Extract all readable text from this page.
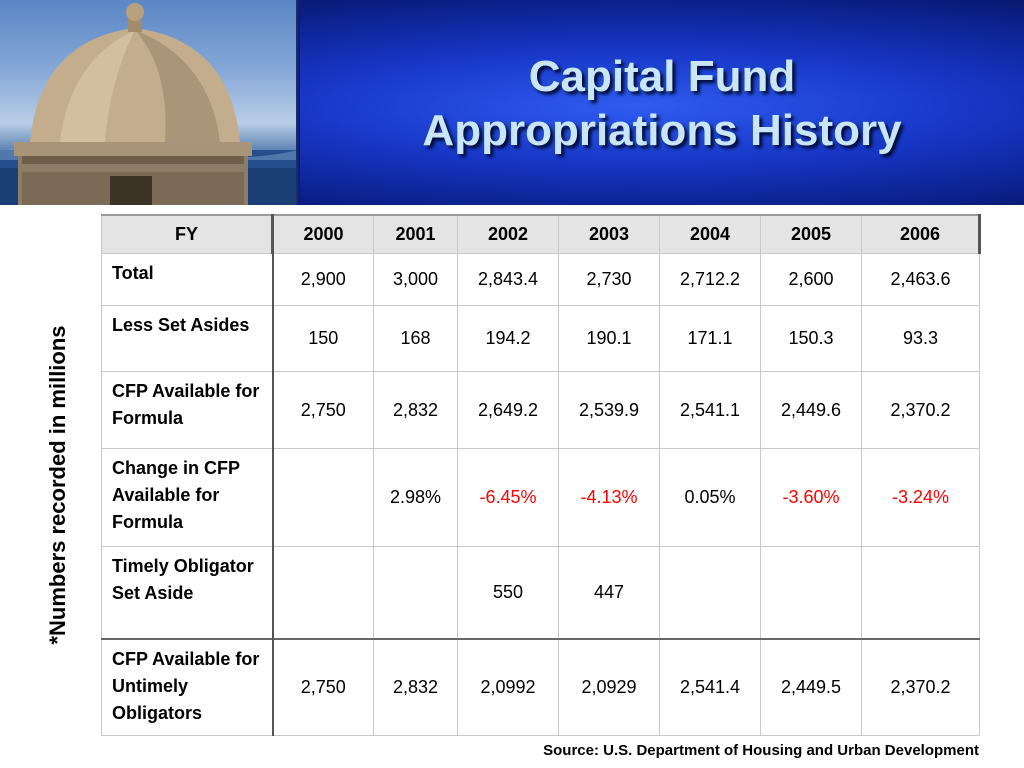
Capital Fund
Appropriations History
*Numbers recorded in millions
FY	2000	2001	2002	2003	2004	2005	2006
Total	2,900	3,000	2,843.4	2,730	2,712.2	2,600	2,463.6
Less Set Asides	150	168	194.2	190.1	171.1	150.3	93.3
CFP Available for Formula	2,750	2,832	2,649.2	2,539.9	2,541.1	2,449.6	2,370.2
Change in CFP Available for Formula		2.98%	-6.45%	-4.13%	0.05%	-3.60%	-3.24%
Timely Obligator Set Aside			550	447			
CFP Available for Untimely Obligators	2,750	2,832	2,0992	2,0929	2,541.4	2,449.5	2,370.2
Source: U.S. Department of Housing and Urban Development
